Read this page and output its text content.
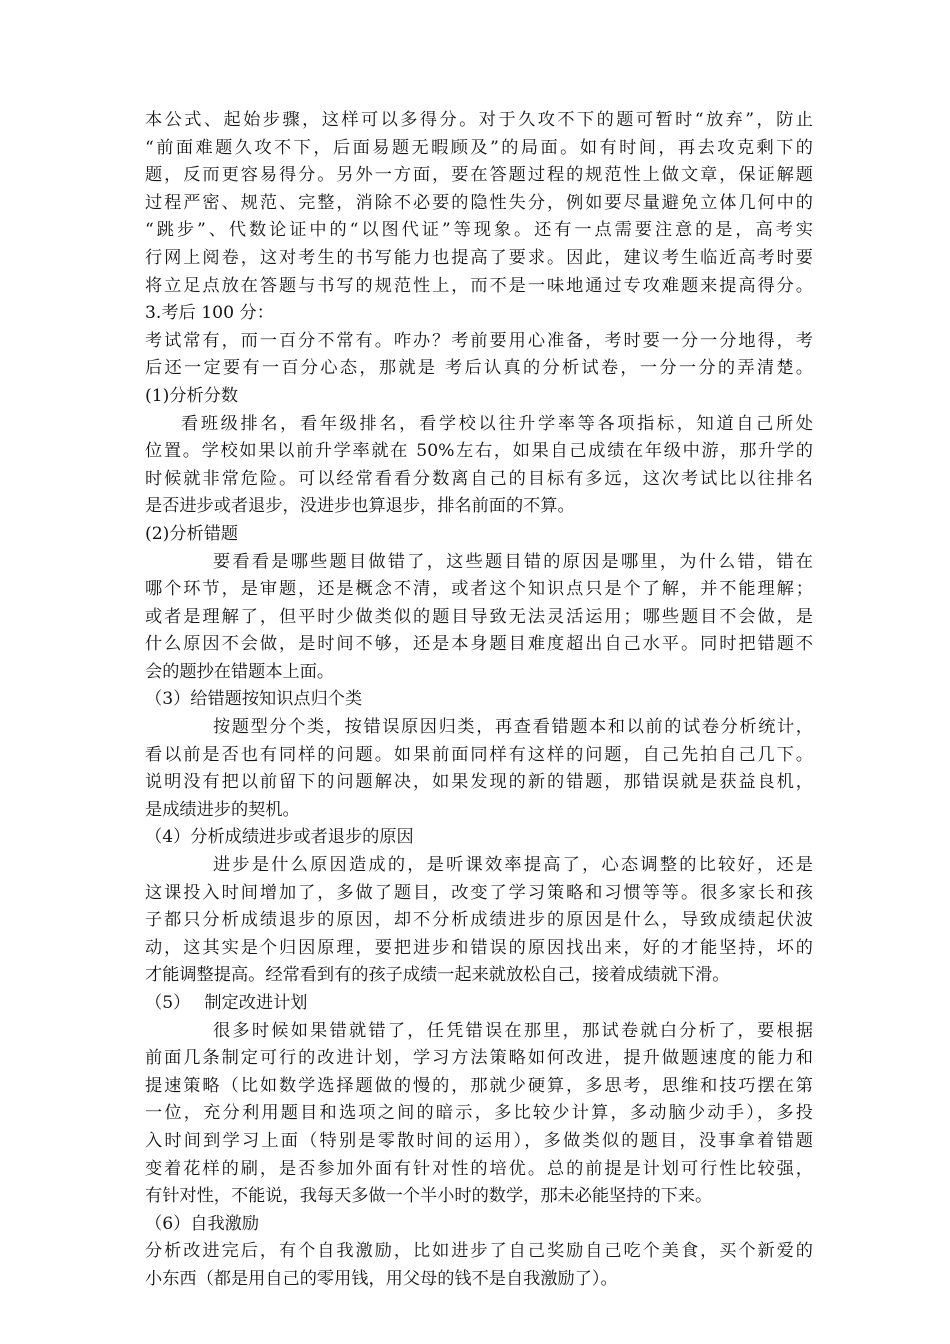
本公式、起始步骤，这样可以多得分。对于久攻不下的题可暂时“放弃”，防止
“前面难题久攻不下，后面易题无暇顾及”的局面。如有时间，再去攻克剩下的
题，反而更容易得分。另外一方面，要在答题过程的规范性上做文章，保证解题
过程严密、规范、完整，消除不必要的隐性失分，例如要尽量避免立体几何中的
“跳步”、代数论证中的“以图代证”等现象。还有一点需要注意的是，高考实
行网上阅卷，这对考生的书写能力也提高了要求。因此，建议考生临近高考时要
将立足点放在答题与书写的规范性上，而不是一味地通过专攻难题来提高得分。
3.考后 100 分：
考试常有，而一百分不常有。咋办？考前要用心准备，考时要一分一分地得，考
后还一定要有一百分心态，那就是 考后认真的分析试卷，一分一分的弄清楚。
(1)分析分数
看班级排名，看年级排名，看学校以往升学率等各项指标，知道自己所处
位置。学校如果以前升学率就在 50%左右，如果自己成绩在年级中游，那升学的
时候就非常危险。可以经常看看分数离自己的目标有多远，这次考试比以往排名
是否进步或者退步，没进步也算退步，排名前面的不算。
(2)分析错题
要看看是哪些题目做错了，这些题目错的原因是哪里，为什么错，错在
哪个环节，是审题，还是概念不清，或者这个知识点只是个了解，并不能理解；
或者是理解了，但平时少做类似的题目导致无法灵活运用；哪些题目不会做，是
什么原因不会做，是时间不够，还是本身题目难度超出自己水平。同时把错题不
会的题抄在错题本上面。
（3）给错题按知识点归个类
按题型分个类，按错误原因归类，再查看错题本和以前的试卷分析统计，
看以前是否也有同样的问题。如果前面同样有这样的问题，自己先拍自己几下。
说明没有把以前留下的问题解决，如果发现的新的错题，那错误就是获益良机，
是成绩进步的契机。
（4）分析成绩进步或者退步的原因
进步是什么原因造成的，是听课效率提高了，心态调整的比较好，还是
这课投入时间增加了，多做了题目，改变了学习策略和习惯等等。很多家长和孩
子都只分析成绩退步的原因，却不分析成绩进步的原因是什么，导致成绩起伏波
动，这其实是个归因原理，要把进步和错误的原因找出来，好的才能坚持，坏的
才能调整提高。经常看到有的孩子成绩一起来就放松自己，接着成绩就下滑。
（5）　 制定改进计划
很多时候如果错就错了，任凭错误在那里，那试卷就白分析了，要根据
前面几条制定可行的改进计划，学习方法策略如何改进，提升做题速度的能力和
提速策略（比如数学选择题做的慢的，那就少硬算，多思考，思维和技巧摆在第
一位，充分利用题目和选项之间的暗示，多比较少计算，多动脑少动手），多投
入时间到学习上面（特别是零散时间的运用），多做类似的题目，没事拿着错题
变着花样的刷，是否参加外面有针对性的培优。总的前提是计划可行性比较强，
有针对性，不能说，我每天多做一个半小时的数学，那未必能坚持的下来。
（6）自我激励
分析改进完后，有个自我激励，比如进步了自己奖励自己吃个美食，买个新爱的
小东西（都是用自己的零用钱，用父母的钱不是自我激励了）。
